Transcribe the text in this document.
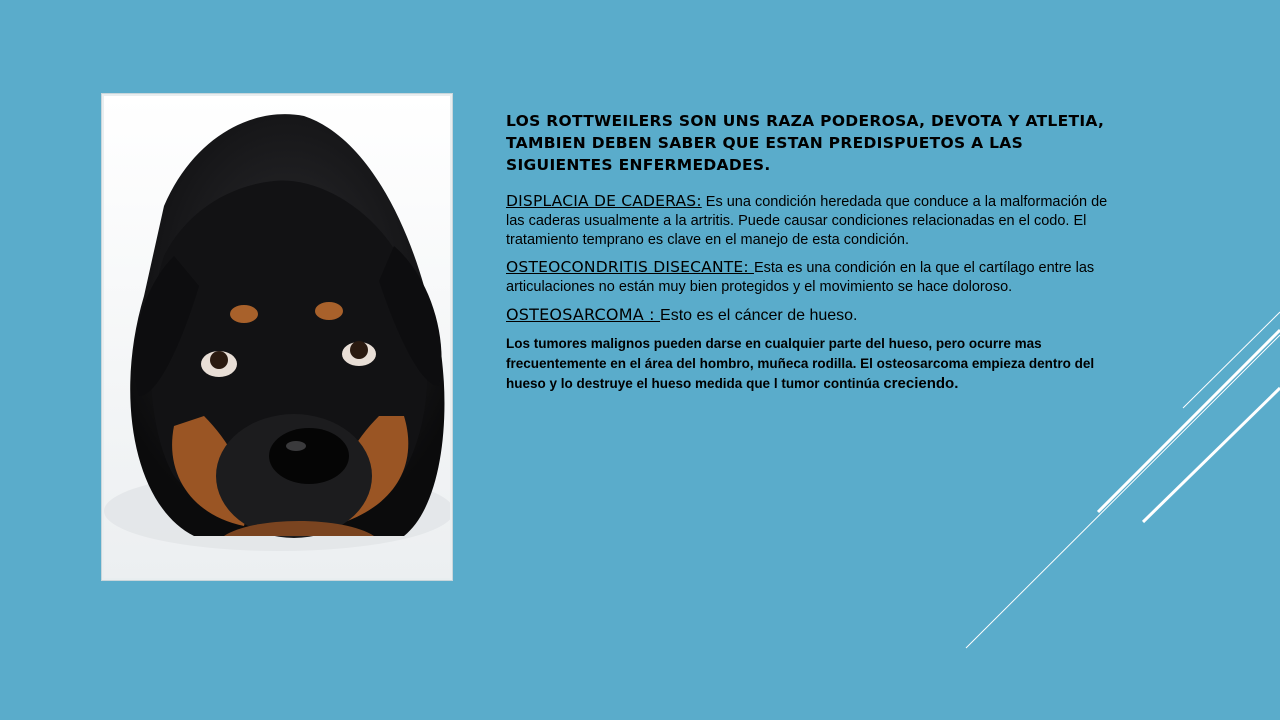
LOS ROTTWEILERS SON UNS RAZA PODEROSA, DEVOTA Y ATLETIA, TAMBIEN DEBEN SABER QUE ESTAN PREDISPUETOS A LAS SIGUIENTES ENFERMEDADES.

DISPLACIA DE CADERAS: Es una condición heredada que conduce a la malformación de las caderas usualmente a la artritis. Puede causar condiciones relacionadas en el codo. El tratamiento temprano es clave en el manejo de esta condición.

OSTEOCONDRITIS DISECANTE: Esta es una condición en la que el cartílago entre las articulaciones no están muy bien protegidos y el movimiento se hace doloroso.

OSTEOSARCOMA : Esto es el cáncer de hueso.

Los tumores malignos pueden darse en cualquier parte del hueso, pero ocurre mas frecuentemente en el área del hombro, muñeca rodilla. El osteosarcoma empieza dentro del hueso y lo destruye el hueso medida que l tumor continúa creciendo.
